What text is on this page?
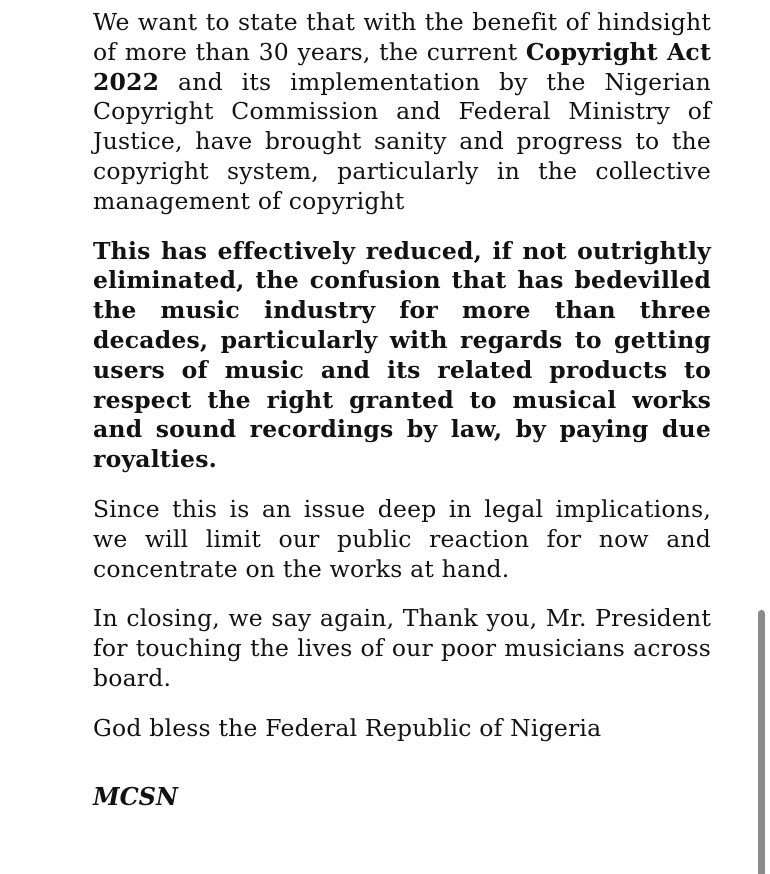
We want to state that with the benefit of hindsight of more than 30 years, the current Copyright Act 2022 and its implementation by the Nigerian Copyright Commission and Federal Ministry of Justice, have brought sanity and progress to the copyright system, particularly in the collective management of copyright

This has effectively reduced, if not outrightly eliminated, the confusion that has bedevilled the music industry for more than three decades, particularly with regards to getting users of music and its related products to respect the right granted to musical works and sound recordings by law, by paying due royalties.

Since this is an issue deep in legal implications, we will limit our public reaction for now and concentrate on the works at hand.

In closing, we say again, Thank you, Mr. President for touching the lives of our poor musicians across board.

God bless the Federal Republic of Nigeria

MCSN
